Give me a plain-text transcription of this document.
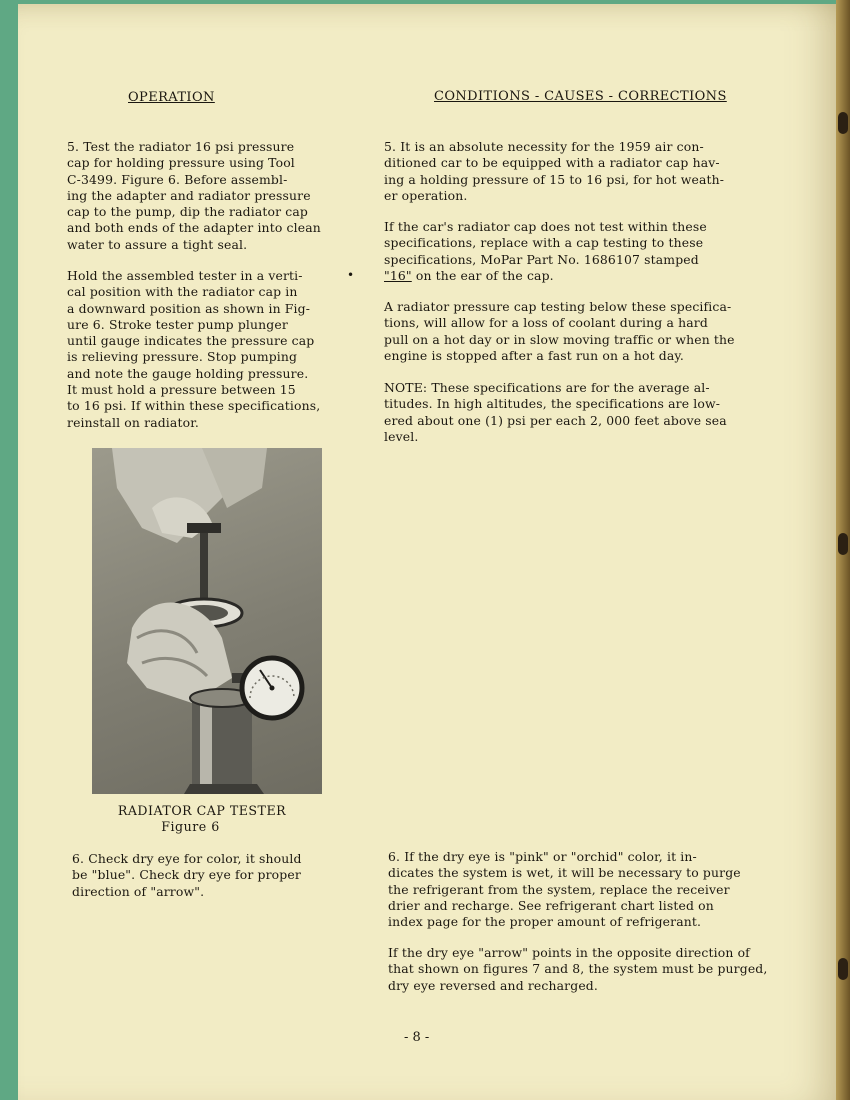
OPERATION	CONDITIONS - CAUSES - CORRECTIONS

5. Test the radiator 16 psi pressure
cap for holding pressure using Tool
C-3499. Figure 6. Before assembl-
ing the adapter and radiator pressure
cap to the pump, dip the radiator cap
and both ends of the adapter into clean
water to assure a tight seal.

Hold the assembled tester in a verti-
cal position with the radiator cap in
a downward position as shown in Fig-
ure 6. Stroke tester pump plunger
until gauge indicates the pressure cap
is relieving pressure. Stop pumping
and note the gauge holding pressure.
It must hold a pressure between 15
to 16 psi. If within these specifications,
reinstall on radiator.

•

RADIATOR CAP TESTER

Figure 6

6. Check dry eye for color, it should
be "blue". Check dry eye for proper
direction of "arrow".

5. It is an absolute necessity for the 1959 air con-
ditioned car to be equipped with a radiator cap hav-
ing a holding pressure of 15 to 16 psi, for hot weath-
er operation.

If the car's radiator cap does not test within these
specifications, replace with a cap testing to these
specifications, MoPar Part No. 1686107 stamped
"16" on the ear of the cap.

A radiator pressure cap testing below these specifica-
tions, will allow for a loss of coolant during a hard
pull on a hot day or in slow moving traffic or when the
engine is stopped after a fast run on a hot day.

NOTE: These specifications are for the average al-
titudes. In high altitudes, the specifications are low-
ered about one (1) psi per each 2, 000 feet above sea
level.

6. If the dry eye is "pink" or "orchid" color, it in-
dicates the system is wet, it will be necessary to purge
the refrigerant from the system, replace the receiver
drier and recharge. See refrigerant chart listed on
index page for the proper amount of refrigerant.

If the dry eye "arrow" points in the opposite direction of
that shown on figures 7 and 8, the system must be purged,
dry eye reversed and recharged.

- 8 -
